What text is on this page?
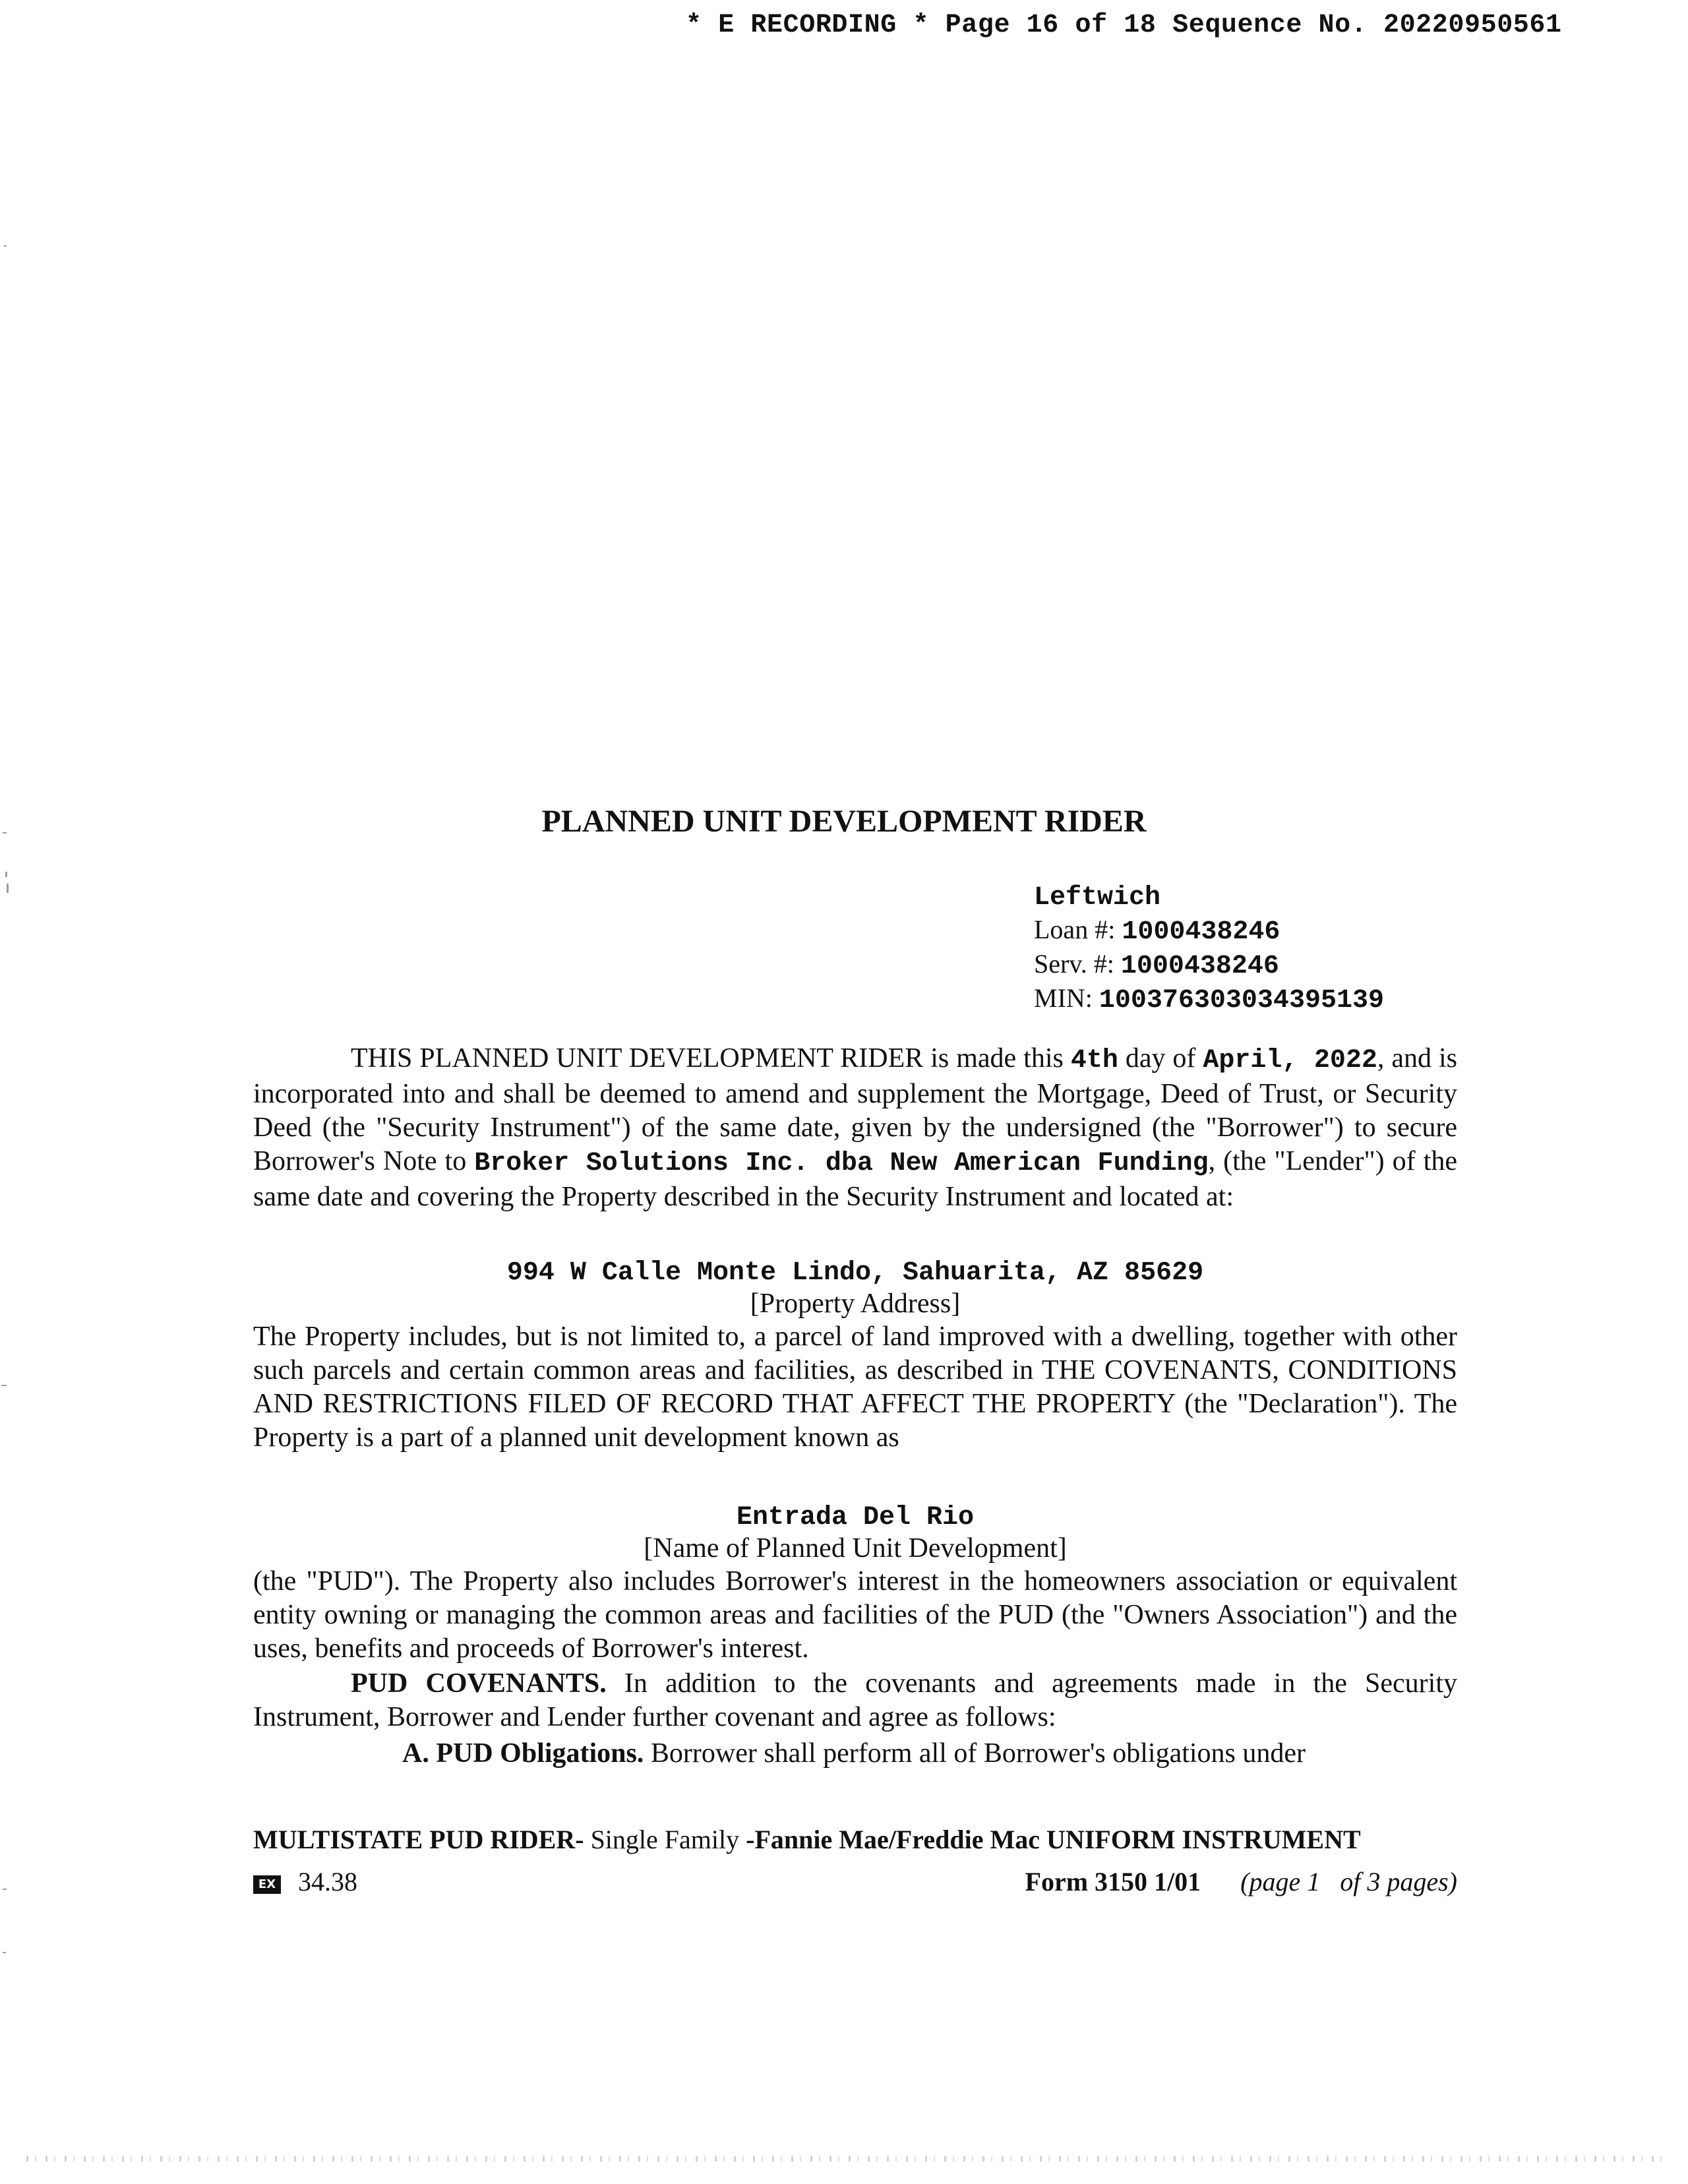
* E RECORDING * Page 16 of 18 Sequence No. 20220950561
PLANNED UNIT DEVELOPMENT RIDER
Leftwich
Loan #: 1000438246
Serv. #: 1000438246
MIN: 100376303034395139
THIS PLANNED UNIT DEVELOPMENT RIDER is made this 4th day of April, 2022, and is incorporated into and shall be deemed to amend and supplement the Mortgage, Deed of Trust, or Security Deed (the "Security Instrument") of the same date, given by the undersigned (the "Borrower") to secure Borrower's Note to Broker Solutions Inc. dba New American Funding, (the "Lender") of the same date and covering the Property described in the Security Instrument and located at:
994 W Calle Monte Lindo, Sahuarita, AZ 85629
[Property Address]
The Property includes, but is not limited to, a parcel of land improved with a dwelling, together with other such parcels and certain common areas and facilities, as described in THE COVENANTS, CONDITIONS AND RESTRICTIONS FILED OF RECORD THAT AFFECT THE PROPERTY (the "Declaration"). The Property is a part of a planned unit development known as
Entrada Del Rio
[Name of Planned Unit Development]
(the "PUD"). The Property also includes Borrower's interest in the homeowners association or equivalent entity owning or managing the common areas and facilities of the PUD (the "Owners Association") and the uses, benefits and proceeds of Borrower's interest.
PUD COVENANTS. In addition to the covenants and agreements made in the Security Instrument, Borrower and Lender further covenant and agree as follows:
A. PUD Obligations. Borrower shall perform all of Borrower's obligations under
MULTISTATE PUD RIDER- Single Family -Fannie Mae/Freddie Mac UNIFORM INSTRUMENT
EX 34.38	Form 3150 1/01 (page 1   of 3 pages)
